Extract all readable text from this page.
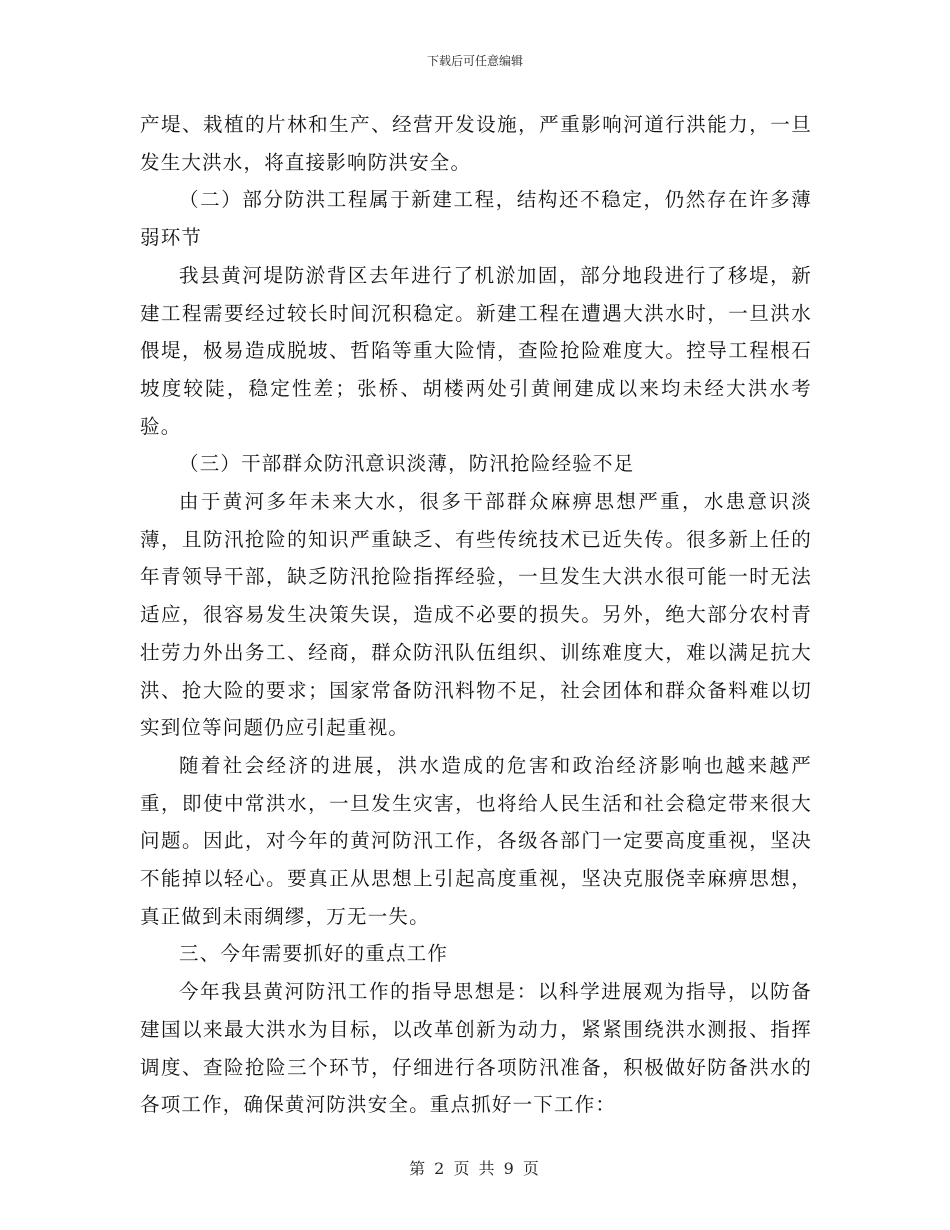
下载后可任意编辑

产堤、栽植的片林和生产、经营开发设施，严重影响河道行洪能力，一旦发生大洪水，将直接影响防洪安全。

（二）部分防洪工程属于新建工程，结构还不稳定，仍然存在许多薄弱环节

我县黄河堤防淤背区去年进行了机淤加固，部分地段进行了移堤，新建工程需要经过较长时间沉积稳定。新建工程在遭遇大洪水时，一旦洪水偎堤，极易造成脱坡、哲陷等重大险情，查险抢险难度大。控导工程根石坡度较陡，稳定性差；张桥、胡楼两处引黄闸建成以来均未经大洪水考验。

（三）干部群众防汛意识淡薄，防汛抢险经验不足

由于黄河多年未来大水，很多干部群众麻痹思想严重，水患意识淡薄，且防汛抢险的知识严重缺乏、有些传统技术已近失传。很多新上任的年青领导干部，缺乏防汛抢险指挥经验，一旦发生大洪水很可能一时无法适应，很容易发生决策失误，造成不必要的损失。另外，绝大部分农村青壮劳力外出务工、经商，群众防汛队伍组织、训练难度大，难以满足抗大洪、抢大险的要求；国家常备防汛料物不足，社会团体和群众备料难以切实到位等问题仍应引起重视。

随着社会经济的进展，洪水造成的危害和政治经济影响也越来越严重，即使中常洪水，一旦发生灾害，也将给人民生活和社会稳定带来很大问题。因此，对今年的黄河防汛工作，各级各部门一定要高度重视，坚决不能掉以轻心。要真正从思想上引起高度重视，坚决克服侥幸麻痹思想，真正做到未雨绸缪，万无一失。

三、今年需要抓好的重点工作

今年我县黄河防汛工作的指导思想是：以科学进展观为指导，以防备建国以来最大洪水为目标，以改革创新为动力，紧紧围绕洪水测报、指挥调度、查险抢险三个环节，仔细进行各项防汛准备，积极做好防备洪水的各项工作，确保黄河防洪安全。重点抓好一下工作：

第 2 页 共 9 页
